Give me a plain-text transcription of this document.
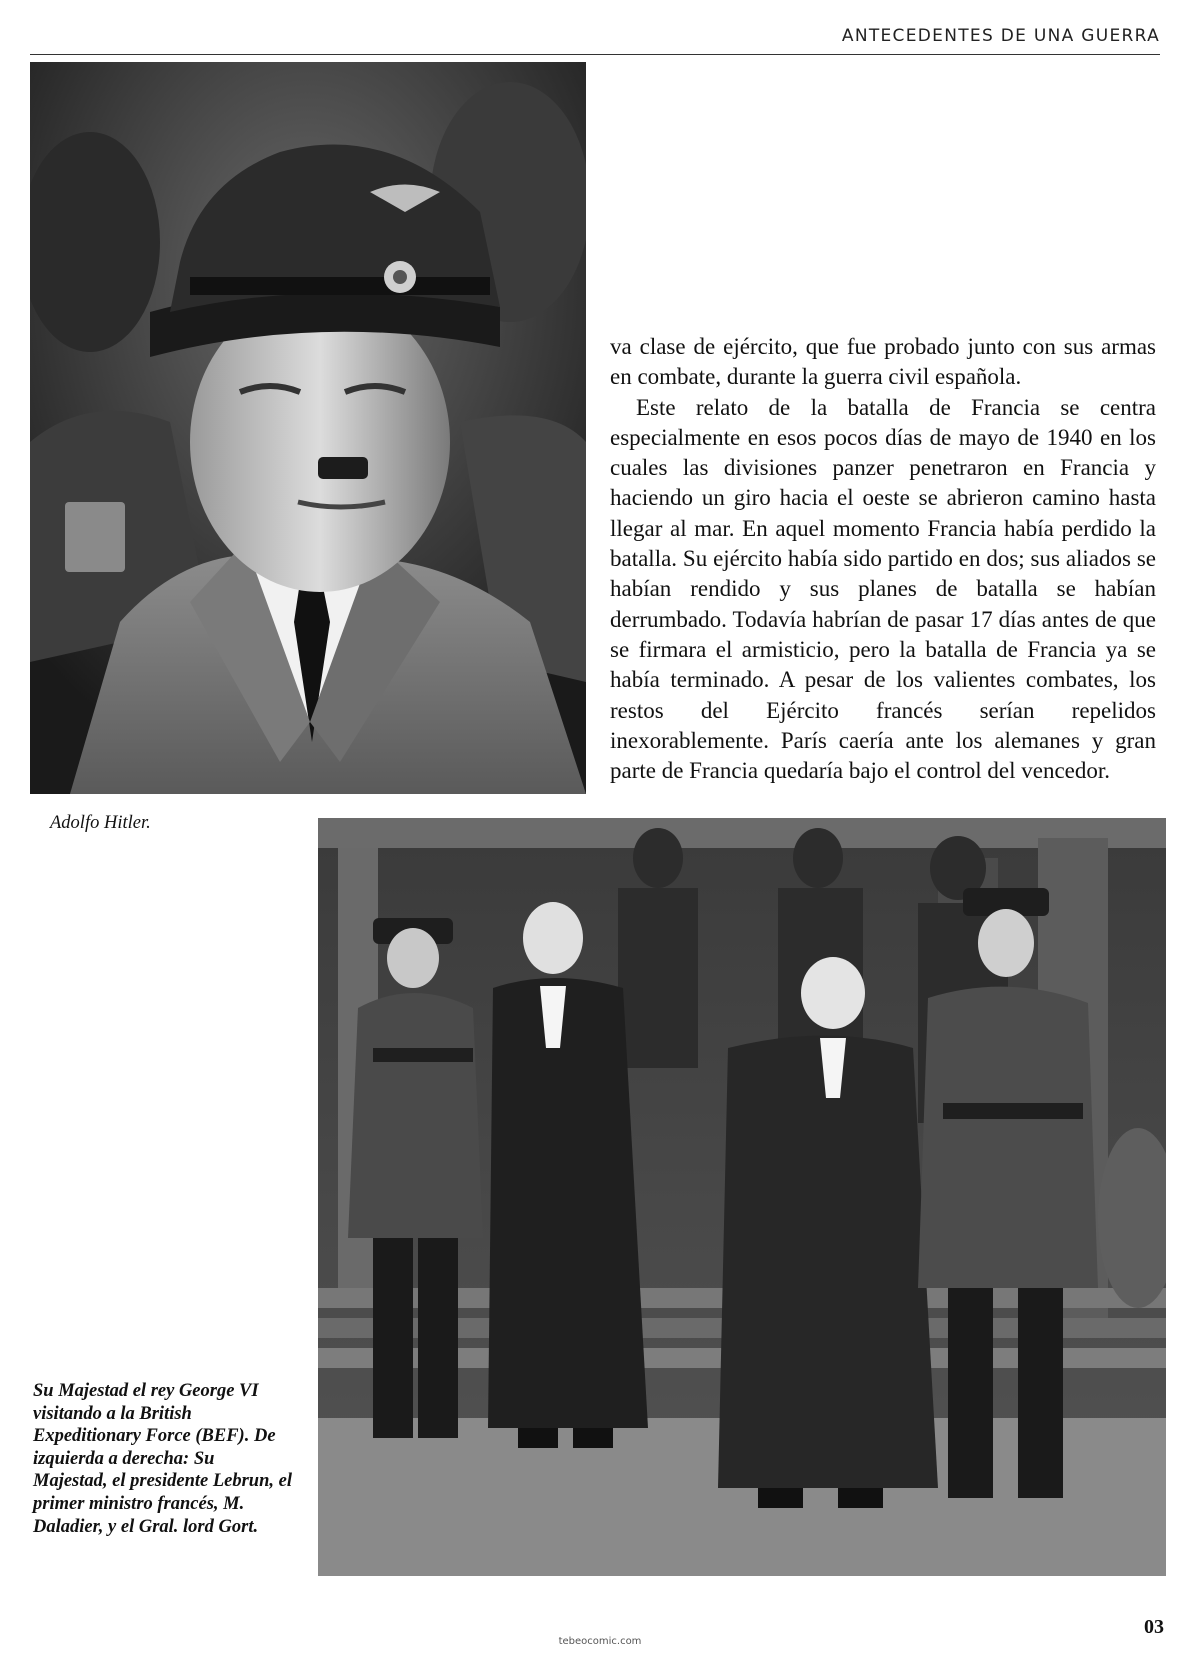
ANTECEDENTES DE UNA GUERRA

va clase de ejército, que fue probado junto con sus armas en combate, durante la guerra civil española.

Este relato de la batalla de Francia se centra especialmente en esos pocos días de mayo de 1940 en los cuales las divisiones panzer penetraron en Francia y haciendo un giro hacia el oeste se abrieron camino hasta llegar al mar. En aquel momento Francia había perdido la batalla. Su ejército había sido partido en dos; sus aliados se habían rendido y sus planes de batalla se habían derrumbado. Todavía habrían de pasar 17 días antes de que se firmara el armisticio, pero la batalla de Francia ya se había terminado. A pesar de los valientes combates, los restos del Ejército francés serían repelidos inexorablemente. París caería ante los alemanes y gran parte de Francia quedaría bajo el control del vencedor.

Adolfo Hitler.
Su Majestad el rey George VI visitando a la British Expeditionary Force (BEF). De izquierda a derecha: Su Majestad, el presidente Lebrun, el primer ministro francés, M. Daladier, y el Gral. lord Gort.
03
tebeocomic.com
